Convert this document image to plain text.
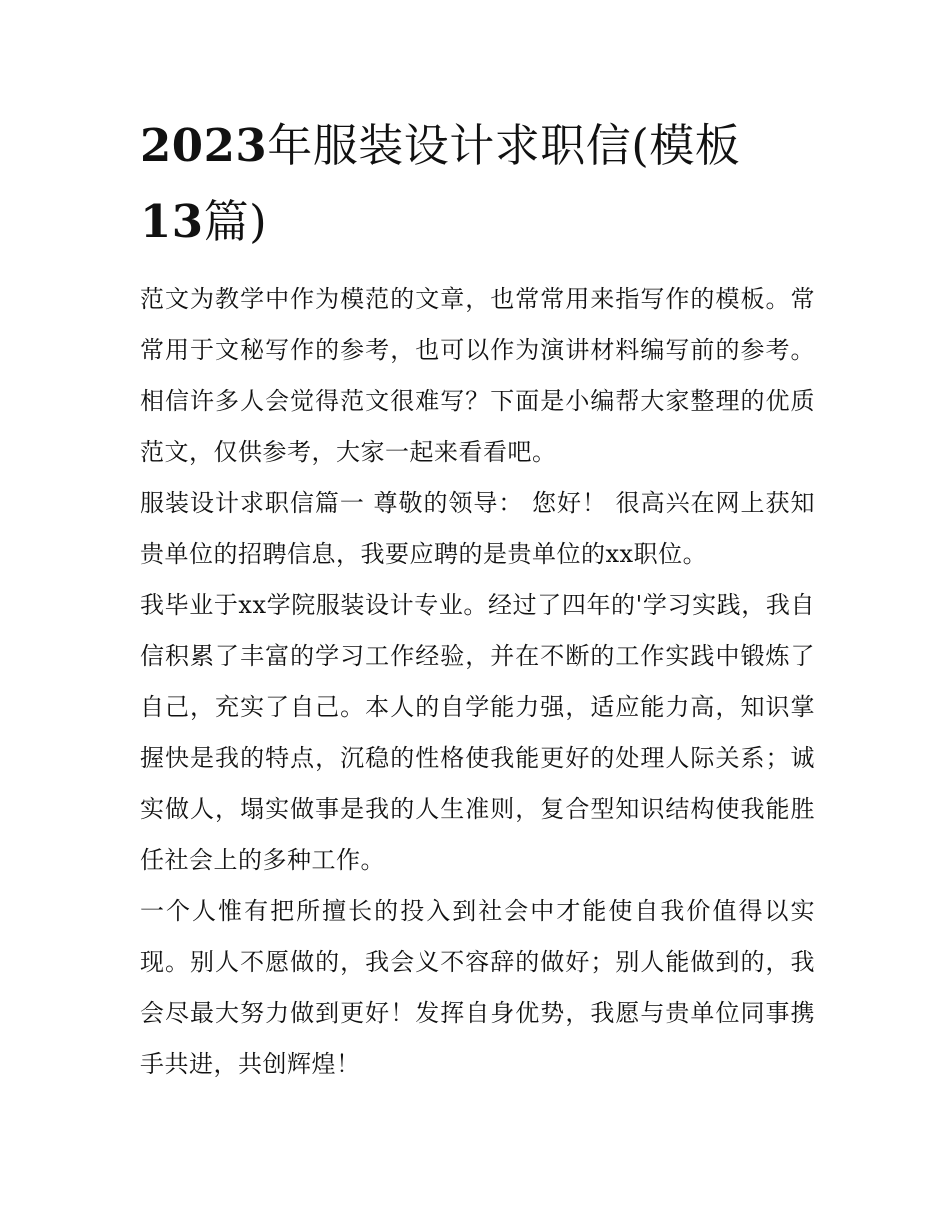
2023年服装设计求职信(模板
13篇)

范文为教学中作为模范的文章，也常常用来指写作的模板。常常用于文秘写作的参考，也可以作为演讲材料编写前的参考。相信许多人会觉得范文很难写？下面是小编帮大家整理的优质范文，仅供参考，大家一起来看看吧。

服装设计求职信篇一 尊敬的领导： 您好！ 很高兴在网上获知贵单位的招聘信息，我要应聘的是贵单位的xx职位。

我毕业于xx学院服装设计专业。经过了四年的'学习实践，我自信积累了丰富的学习工作经验，并在不断的工作实践中锻炼了自己，充实了自己。本人的自学能力强，适应能力高，知识掌握快是我的特点，沉稳的性格使我能更好的处理人际关系；诚实做人，塌实做事是我的人生准则，复合型知识结构使我能胜任社会上的多种工作。

一个人惟有把所擅长的投入到社会中才能使自我价值得以实现。别人不愿做的，我会义不容辞的做好；别人能做到的，我会尽最大努力做到更好！发挥自身优势，我愿与贵单位同事携手共进，共创辉煌！
